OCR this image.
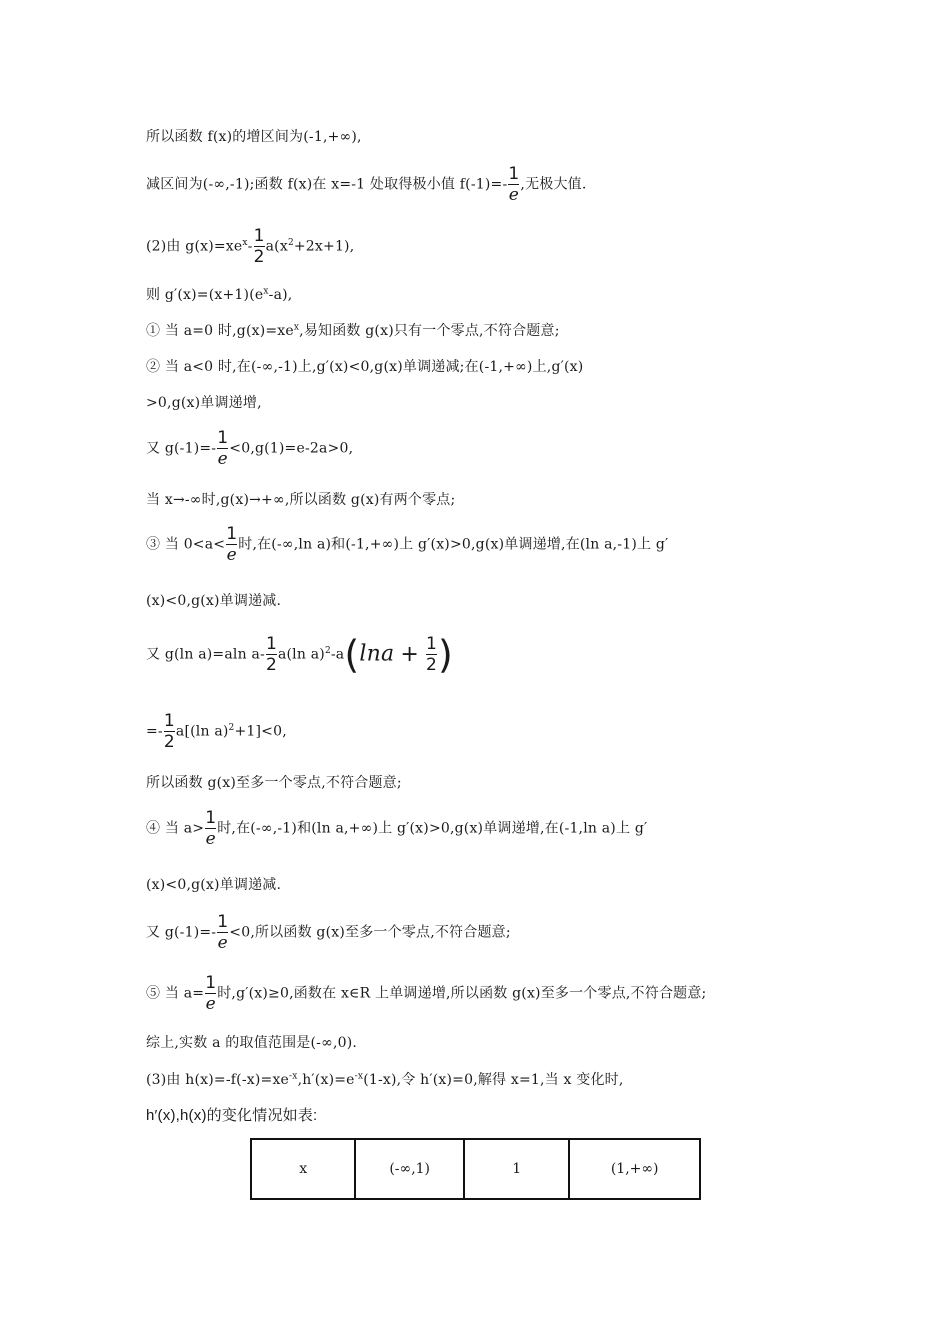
所以函数 f(x)的增区间为(-1,+∞),
减区间为(-∞,-1);函数 f(x)在 x=-1 处取得极小值 $f(-1)=- \frac{1}{e}$ ,无极大值.
(2)由 $g(x)=xe^x- \frac{1}{2} a(x^2+2x+1)$,
则 $g'(x)=(x+1)(e^x-a)$,
① 当 a=0 时$,g(x)=xe^x$,易知函数 g(x)只有一个零点,不符合题意;
② 当 a<0 时,在(-∞,-1)上,g′(x)<0,g(x)单调递减;在(-1,+∞)上,g′(x)
>0,g(x)单调递增,
又 $g(-1)=- \frac{1}{e} <0,g(1)=e-2a>0$,
当 x→-∞时,g(x)→+∞,所以函数 g(x)有两个零点;
③ 当 $0<a< \frac{1}{e}$ 时,在(-∞,ln a)和(-1,+∞)上 g′(x)>0,g(x)单调递增,在(ln a,-1)上 g′
(x)<0,g(x)单调递减.
又 g(ln a)=aln $a- \frac{1}{2} a(\ln$ $a)^2-a(\ln a + \frac{1}{2}$ )
=- $\frac{1}{2} a[(\ln$ a)$^2$+1]<0,
所以函数 g(x)至多一个零点,不符合题意;
④ 当 $a> \frac{1}{e}$ 时,在(-∞,-1)和(ln a,+∞)上 g′(x)>0,g(x)单调递增,在(-1,ln a)上 g′
(x)<0,g(x)单调递减.
又 $g(-1)=- \frac{1}{e} <0$,所以函数 g(x)至多一个零点,不符合题意;
⑤ 当 $a= \frac{1}{e}$ 时,g′(x)≥0,函数在 x∈R 上单调递增,所以函数 g(x)至多一个零点,不符合题意;
综上,实数 a 的取值范围是(-∞,0).
(3)由 $h(x)=-f(-x)=xe^{-x},h'(x)=e^{-x}(1-x)$,令 h′(x)=0,解得 x=1,当 x 变化时,
h′(x),h(x)的变化情况如表:
x	(-∞,1)	1	(1,+∞)
